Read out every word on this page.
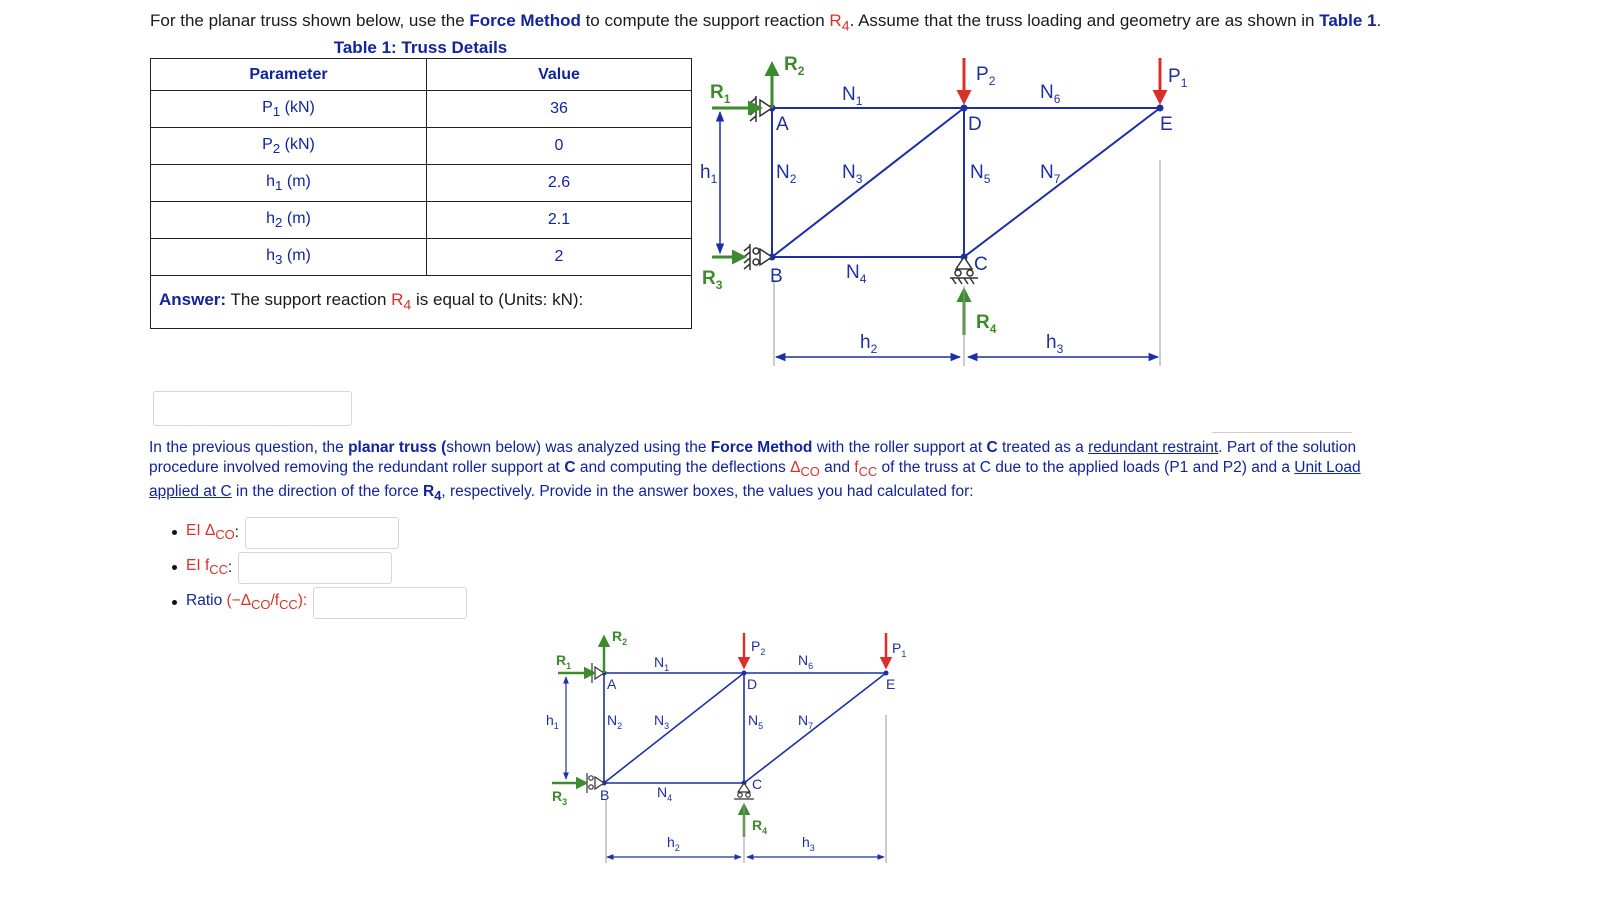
For the planar truss shown below, use the Force Method to compute the support reaction $R_4$. Assume that the truss loading and geometry are as shown in Table 1.
Table 1: Truss Details
Parameter	Value
$P_1$ (kN)	36
$P_2$ (kN)	0
$h_1$ (m)	2.6
$h_2$ (m)	2.1
$h_3$ (m)	2
Answer: The support reaction $R_4$ is equal to (Units: kN):	
$N_1$	$N_6$
$N_2$ $N_3$
$N_4$
$N_5$	$N_7$
$h_1$
$h_2$	$h_3$
A
B
C
D	E
$P_2$	$P_1$
$R_2$
$R_1$
$R_3$
$R_4$
In the previous question, the planar truss (shown below) was analyzed using the Force Method with the roller support at C treated as a redundant restraint. Part of the solution procedure involved removing the redundant roller support at C and computing the deflections $\Delta_{CO}$ and $f_{CC}$ of the truss at C due to the applied loads (P1 and P2) and a Unit Load applied at C in the direction of the force $R_4$, respectively. Provide in the answer boxes, the values you had calculated for:
EI $\Delta_{CO}$ :
EI $f_{CC}$ :
Ratio $(-\Delta_{CO}/f_{CC})$:
$N_1$	$N_6$
$N_2$ $N_3$
$N_4$
$N_5$ $N_7$
$h_1$
$h_2$	$h_3$
A
B
C
D	E
$P_2$	$P_1$
$R_2$
$R_1$
$R_3$
$R_4$
